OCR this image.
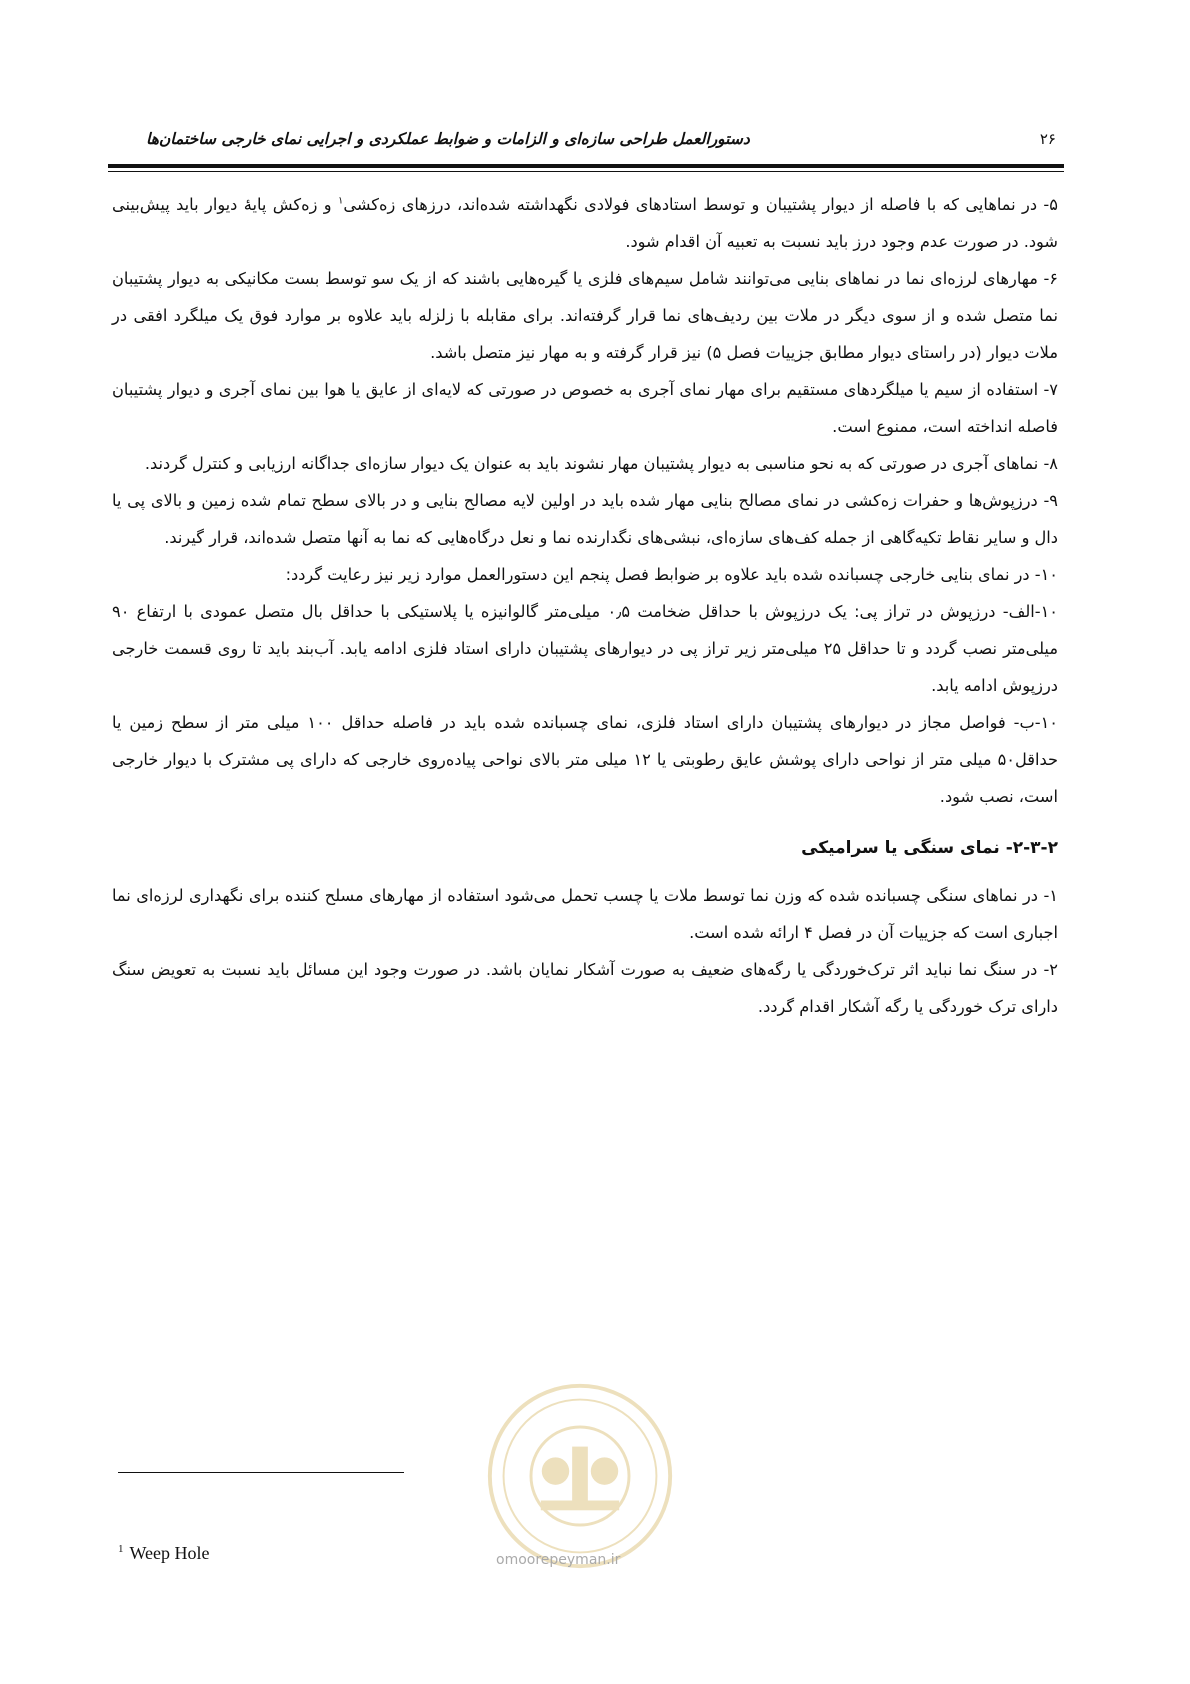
۲۶
دستورالعمل طراحی سازه‌ای و الزامات و ضوابط عملکردی و اجرایی نمای خارجی ساختمان‌ها

۵- در نماهایی که با فاصله از دیوار پشتیبان و توسط استادهای فولادی نگهداشته شده‌اند، درزهای زه‌کشی$^۱$ و زه‌کش پایهٔ دیوار باید پیش‌بینی شود. در صورت عدم وجود درز باید نسبت به تعبیه آن اقدام شود.

۶- مهارهای لرزه‌ای نما در نماهای بنایی می‌توانند شامل سیم‌های فلزی یا گیره‌هایی باشند که از یک سو توسط بست مکانیکی به دیوار پشتیبان نما متصل شده و از سوی دیگر در ملات بین ردیف‌های نما قرار گرفته‌اند. برای مقابله با زلزله باید علاوه بر موارد فوق یک میلگرد افقی در ملات دیوار (در راستای دیوار مطابق جزییات فصل ۵) نیز قرار گرفته و به مهار نیز متصل باشد.

۷- استفاده از سیم یا میلگردهای مستقیم برای مهار نمای آجری به خصوص در صورتی که لایه‌ای از عایق یا هوا بین نمای آجری و دیوار پشتیبان فاصله انداخته است، ممنوع است.

۸- نماهای آجری در صورتی که به نحو مناسبی به دیوار پشتیبان مهار نشوند باید به عنوان یک دیوار سازه‌ای جداگانه ارزیابی و کنترل گردند.

۹- درزپوش‌ها و حفرات زه‌کشی در نمای مصالح بنایی مهار شده باید در اولین لایه مصالح بنایی و در بالای سطح تمام شده زمین و بالای پی یا دال و سایر نقاط تکیه‌گاهی از جمله کف‌های سازه‌ای، نبشی‌های نگدارنده نما و نعل درگاه‌هایی که نما به آنها متصل شده‌اند، قرار گیرند.

۱۰- در نمای بنایی خارجی چسبانده شده باید علاوه بر ضوابط فصل پنجم این دستورالعمل موارد زیر نیز رعایت گردد:

۱۰-الف- درزپوش در تراز پی: یک درزپوش با حداقل ضخامت ۰٫۵ میلی‌متر گالوانیزه یا پلاستیکی با حداقل بال متصل عمودی با ارتفاع ۹۰ میلی‌متر نصب گردد و تا حداقل ۲۵ میلی‌متر زیر تراز پی در دیوارهای پشتیبان دارای استاد فلزی ادامه یابد. آب‌بند باید تا روی قسمت خارجی درزپوش ادامه یابد.

۱۰-ب- فواصل مجاز در دیوارهای پشتیبان دارای استاد فلزی، نمای چسبانده شده باید در فاصله حداقل ۱۰۰ میلی متر از سطح زمین یا حداقل۵۰ میلی متر از نواحی دارای پوشش عایق رطوبتی یا ۱۲ میلی متر بالای نواحی پیاده‌روی خارجی که دارای پی مشترک با دیوار خارجی است، نصب شود.

۲-۳-۲- نمای سنگی یا سرامیکی

۱- در نماهای سنگی چسبانده شده که وزن نما توسط ملات یا چسب تحمل می‌شود استفاده از مهارهای مسلح کننده برای نگهداری لرزه‌ای نما اجباری است که جزییات آن در فصل ۴ ارائه شده است.

۲- در سنگ نما نباید اثر ترک‌خوردگی یا رگه‌های ضعیف به صورت آشکار نمایان باشد. در صورت وجود این مسائل باید نسبت به تعویض سنگ دارای ترک خوردگی یا رگه آشکار اقدام گردد.

omoorepeyman.ir
$^1$ Weep Hole
